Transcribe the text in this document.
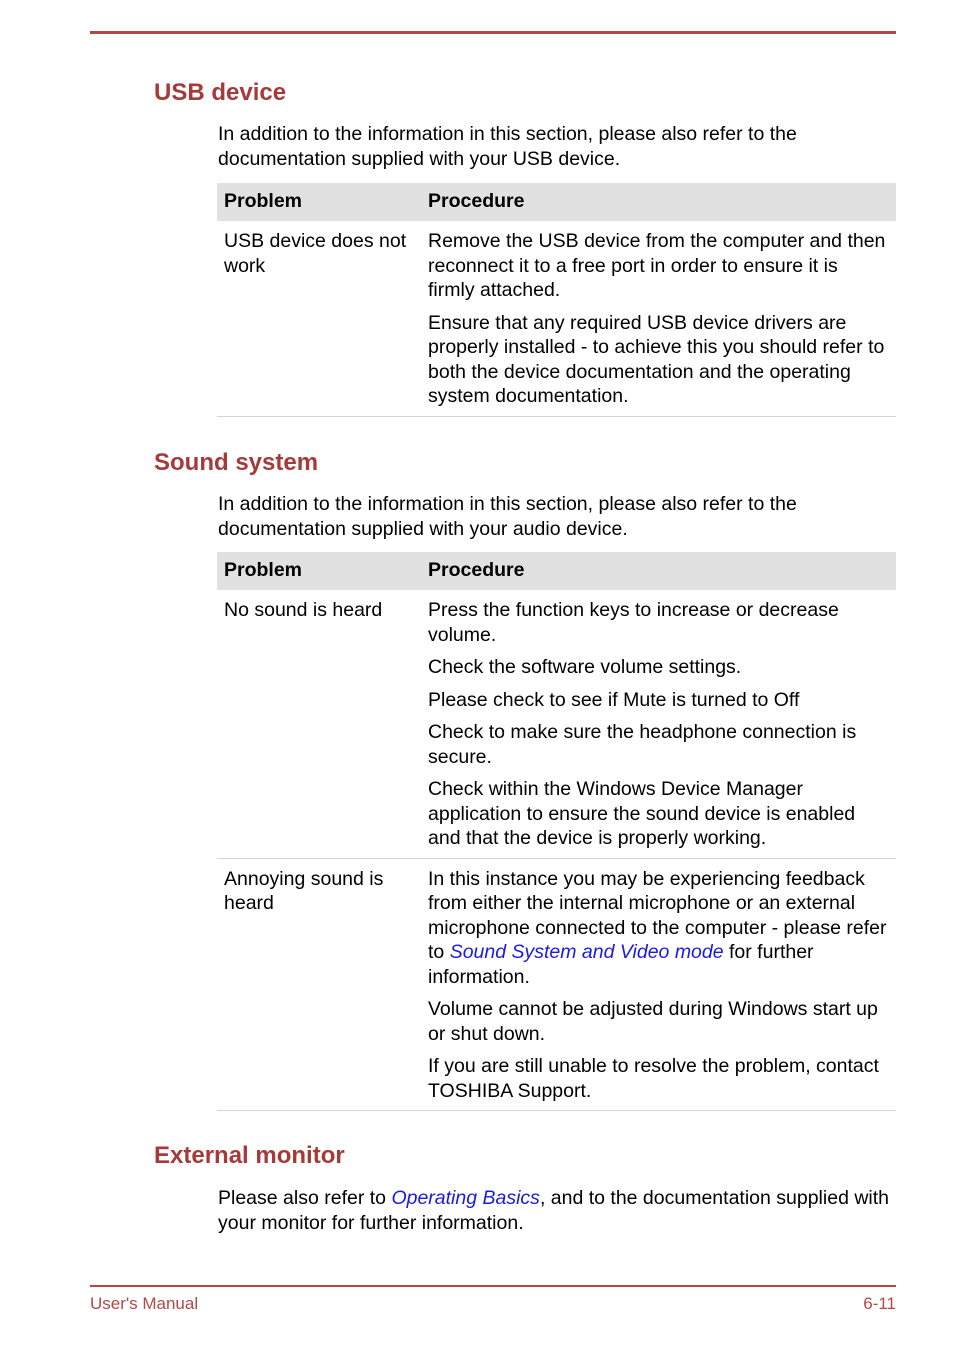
USB device

In addition to the information in this section, please also refer to the documentation supplied with your USB device.

Problem	Procedure
USB device does not work	Remove the USB device from the computer and then reconnect it to a free port in order to ensure it is firmly attached.

Ensure that any required USB device drivers are properly installed - to achieve this you should refer to both the device documentation and the operating system documentation.

Sound system

In addition to the information in this section, please also refer to the documentation supplied with your audio device.

Problem	Procedure
No sound is heard	Press the function keys to increase or decrease volume.

Check the software volume settings.

Please check to see if Mute is turned to Off

Check to make sure the headphone connection is secure.

Check within the Windows Device Manager application to ensure the sound device is enabled and that the device is properly working.

Annoying sound is heard	In this instance you may be experiencing feedback from either the internal microphone or an external microphone connected to the computer - please refer to Sound System and Video mode for further information.

Volume cannot be adjusted during Windows start up or shut down.

If you are still unable to resolve the problem, contact TOSHIBA Support.

External monitor

Please also refer to Operating Basics, and to the documentation supplied with your monitor for further information.

User's Manual	6-11
